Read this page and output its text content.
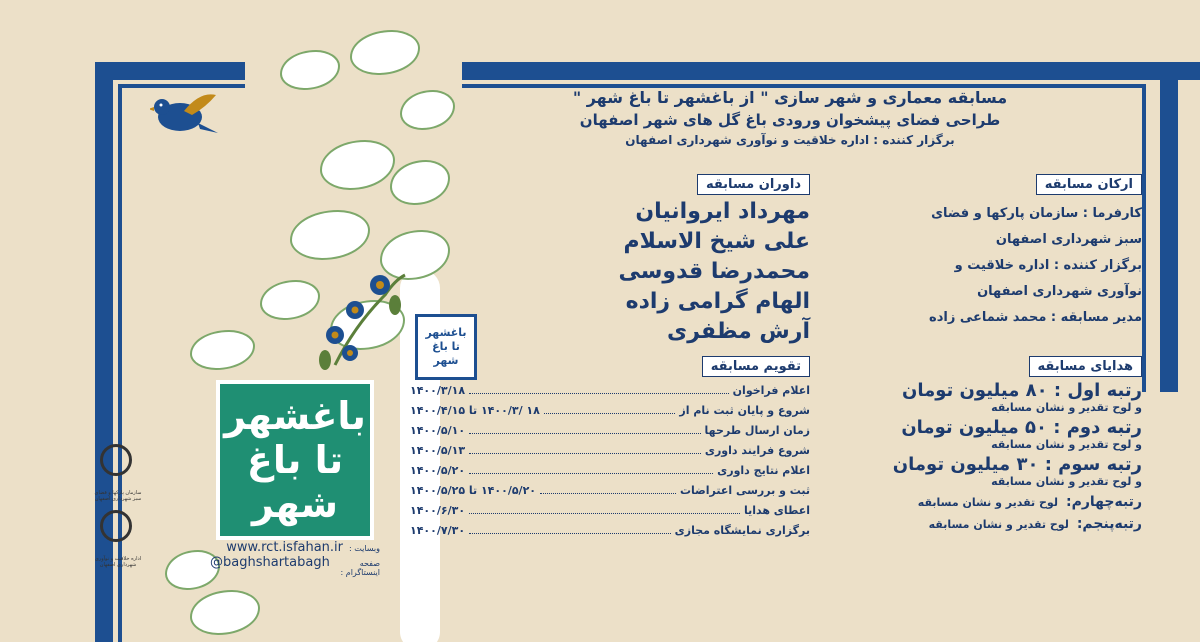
باغشهر
تا باغ
شهر
باغشهر
تا باغ
شهر
وبسایت :
www.rct.isfahan.ir
صفحه اینستاگرام :
@baghshartabagh
سازمان پارکها و فضای سبز شهرداری اصفهان
اداره خلاقیت و نوآوری شهرداری اصفهان
مسابقه معماری و شهر سازی " از باغشهر تا باغ شهر "
طراحی فضای پیشخوان ورودی باغ گل های شهر اصفهان
برگزار کننده : اداره خلاقیت و نوآوری شهرداری اصفهان
ارکان مسابقه
کارفرما : سازمان پارکها و فضای
سبز شهرداری اصفهان
برگزار کننده : اداره خلاقیت و
نوآوری شهرداری اصفهان
مدیر مسابقه : محمد شماعی زاده
داوران مسابقه
مهرداد ایروانیان
علی شیخ الاسلام
محمدرضا قدوسی
الهام گرامی زاده
آرش مظفری
هدایای مسابقه
رتبه اول : ۸۰ میلیون تومان
و لوح تقدیر و نشان مسابقه
رتبه دوم : ۵۰ میلیون تومان
و لوح تقدیر و نشان مسابقه
رتبه سوم : ۳۰ میلیون تومان
و لوح تقدیر و نشان مسابقه
رتبه‌چهارم:
لوح تقدیر و نشان مسابقه
رتبه‌پنجم:
لوح تقدیر و نشان مسابقه
تقویم مسابقه
اعلام فراخوان
۱۴۰۰/۳/۱۸
شروع و پایان ثبت نام از
۱۸ /۱۴۰۰/۳ تا ۱۴۰۰/۴/۱۵
زمان ارسال طرحها
۱۴۰۰/۵/۱۰
شروع فرایند داوری
۱۴۰۰/۵/۱۳
اعلام نتایج داوری
۱۴۰۰/۵/۲۰
ثبت و بررسی اعتراضات
۱۴۰۰/۵/۲۰ تا ۱۴۰۰/۵/۲۵
اعطای هدایا
۱۴۰۰/۶/۳۰
برگزاری نمایشگاه مجازی
۱۴۰۰/۷/۳۰
